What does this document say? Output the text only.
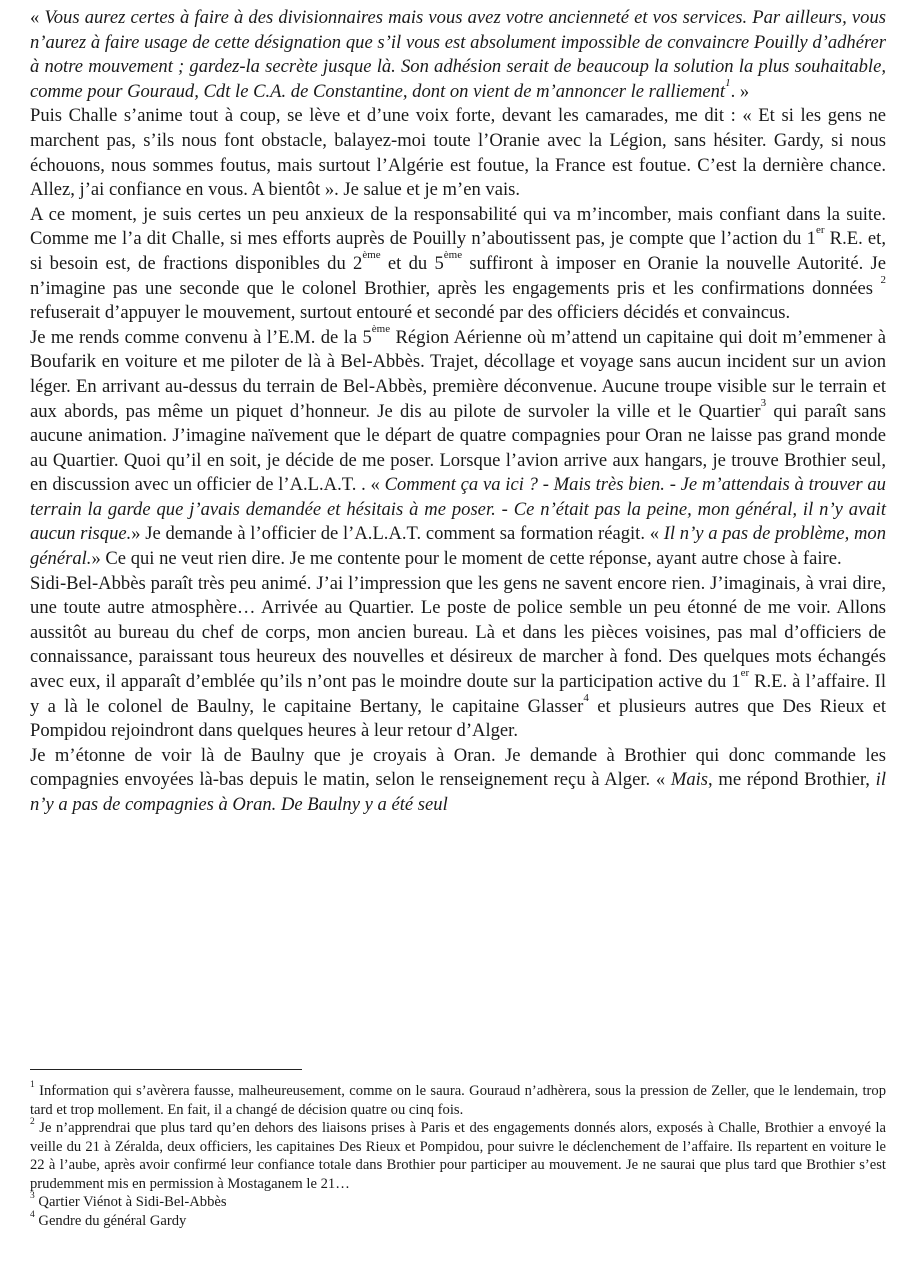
« Vous aurez certes à faire à des divisionnaires mais vous avez votre ancienneté et vos services. Par ailleurs, vous n’aurez à faire usage de cette désignation que s’il vous est absolument impossible de convaincre Pouilly d’adhérer à notre mouvement ; gardez-la secrète jusque là. Son adhésion serait de beaucoup la solution la plus souhaitable, comme pour Gouraud, Cdt le C.A. de Constantine, dont on vient de m’annoncer le ralliement$^1$. »

Puis Challe s’anime tout à coup, se lève et d’une voix forte, devant les camarades, me dit : « Et si les gens ne marchent pas, s’ils nous font obstacle, balayez-moi toute l’Oranie avec la Légion, sans hésiter. Gardy, si nous échouons, nous sommes foutus, mais surtout l’Algérie est foutue, la France est foutue. C’est la dernière chance. Allez, j’ai confiance en vous. A bientôt ». Je salue et je m’en vais.

A ce moment, je suis certes un peu anxieux de la responsabilité qui va m’incomber, mais confiant dans la suite. Comme me l’a dit Challe, si mes efforts auprès de Pouilly n’aboutissent pas, je compte que l’action du 1er R.E. et, si besoin est, de fractions disponibles du 2ème et du 5ème suffiront à imposer en Oranie la nouvelle Autorité. Je n’imagine pas une seconde que le colonel Brothier, après les engagements pris et les confirmations données $^2$ refuserait d’appuyer le mouvement, surtout entouré et secondé par des officiers décidés et convaincus.

Je me rends comme convenu à l’E.M. de la 5ème Région Aérienne où m’attend un capitaine qui doit m’emmener à Boufarik en voiture et me piloter de là à Bel-Abbès. Trajet, décollage et voyage sans aucun incident sur un avion léger. En arrivant au-dessus du terrain de Bel-Abbès, première déconvenue. Aucune troupe visible sur le terrain et aux abords, pas même un piquet d’honneur. Je dis au pilote de survoler la ville et le Quartier$^3$ qui paraît sans aucune animation. J’imagine naïvement que le départ de quatre compagnies pour Oran ne laisse pas grand monde au Quartier. Quoi qu’il en soit, je décide de me poser. Lorsque l’avion arrive aux hangars, je trouve Brothier seul, en discussion avec un officier de l’A.L.A.T. . « Comment ça va ici ? - Mais très bien. - Je m’attendais à trouver au terrain la garde que j’avais demandée et hésitais à me poser. - Ce n’était pas la peine, mon général, il n’y avait aucun risque.» Je demande à l’officier de l’A.L.A.T. comment sa formation réagit. « Il n’y a pas de problème, mon général.» Ce qui ne veut rien dire. Je me contente pour le moment de cette réponse, ayant autre chose à faire.

Sidi-Bel-Abbès paraît très peu animé. J’ai l’impression que les gens ne savent encore rien. J’imaginais, à vrai dire, une toute autre atmosphère… Arrivée au Quartier. Le poste de police semble un peu étonné de me voir. Allons aussitôt au bureau du chef de corps, mon ancien bureau. Là et dans les pièces voisines, pas mal d’officiers de connaissance, paraissant tous heureux des nouvelles et désireux de marcher à fond. Des quelques mots échangés avec eux, il apparaît d’emblée qu’ils n’ont pas le moindre doute sur la participation active du 1er R.E. à l’affaire. Il y a là le colonel de Baulny, le capitaine Bertany, le capitaine Glasser$^4$ et plusieurs autres que Des Rieux et Pompidou rejoindront dans quelques heures à leur retour d’Alger.

Je m’étonne de voir là de Baulny que je croyais à Oran. Je demande à Brothier qui donc commande les compagnies envoyées là-bas depuis le matin, selon le renseignement reçu à Alger. « Mais, me répond Brothier, il n’y a pas de compagnies à Oran. De Baulny y a été seul

$^1$ Information qui s’avèrera fausse, malheureusement, comme on le saura. Gouraud n’adhèrera, sous la pression de Zeller, que le lendemain, trop tard et trop mollement. En fait, il a changé de décision quatre ou cinq fois.

$^2$ Je n’apprendrai que plus tard qu’en dehors des liaisons prises à Paris et des engagements donnés alors, exposés à Challe, Brothier a envoyé la veille du 21 à Zéralda, deux officiers, les capitaines Des Rieux et Pompidou, pour suivre le déclenchement de l’affaire. Ils repartent en voiture le 22 à l’aube, après avoir confirmé leur confiance totale dans Brothier pour participer au mouvement. Je ne saurai que plus tard que Brothier s’est prudemment mis en permission à Mostaganem le 21…

$^3$ Qartier Viénot à Sidi-Bel-Abbès

$^4$ Gendre du général Gardy
